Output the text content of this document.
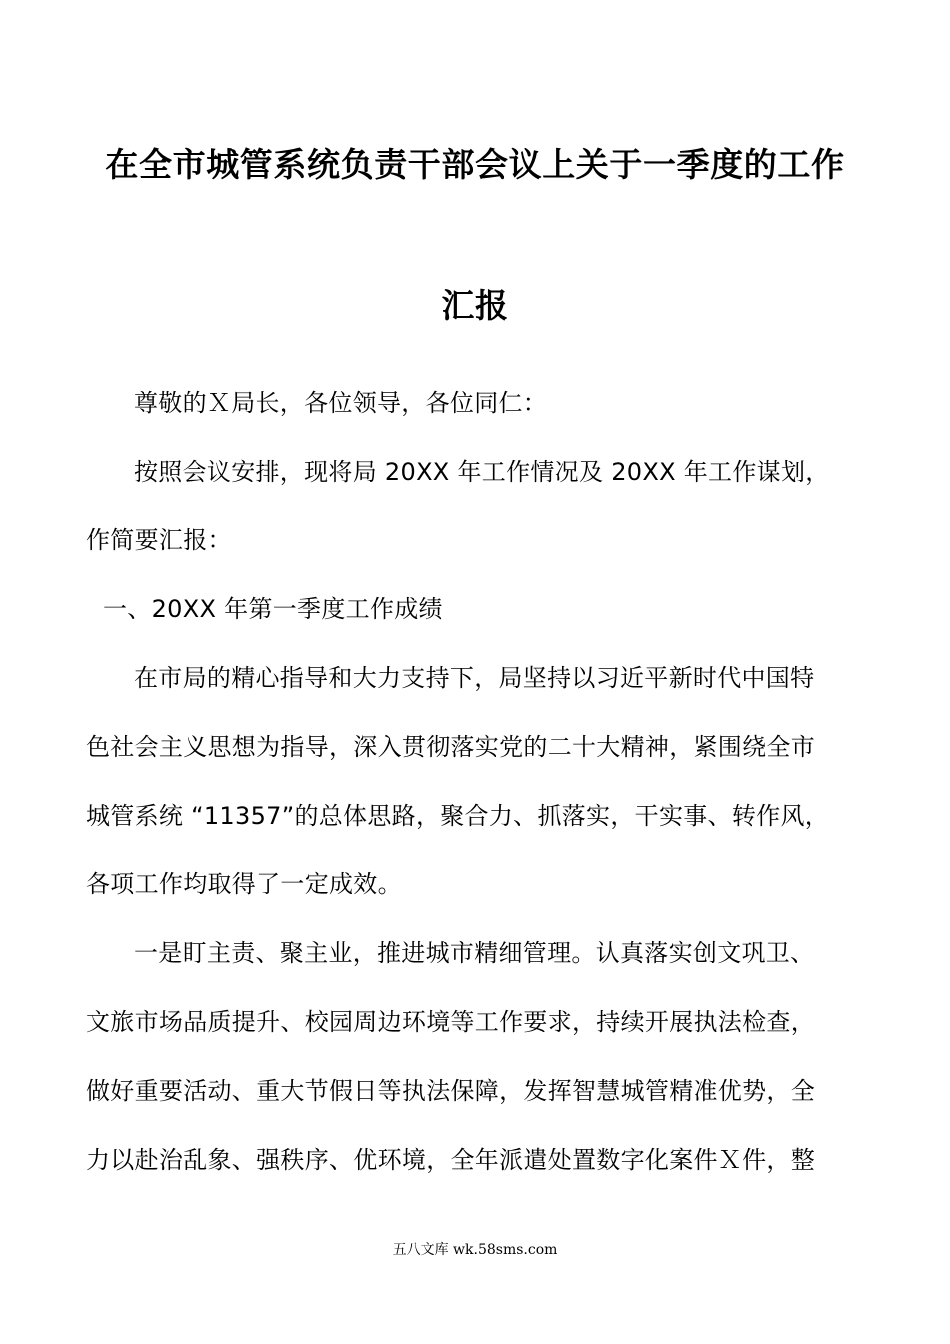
在全市城管系统负责干部会议上关于一季度的工作
汇报
尊敬的Ｘ局长，各位领导，各位同仁：
按照会议安排，现将局 20XX 年工作情况及 20XX 年工作谋划，
作简要汇报：
一、20XX 年第一季度工作成绩
在市局的精心指导和大力支持下，局坚持以习近平新时代中国特
色社会主义思想为指导，深入贯彻落实党的二十大精神，紧围绕全市
城管系统 “11357”的总体思路，聚合力、抓落实，干实事、转作风，
各项工作均取得了一定成效。
一是盯主责、聚主业，推进城市精细管理。认真落实创文巩卫、
文旅市场品质提升、校园周边环境等工作要求，持续开展执法检查，
做好重要活动、重大节假日等执法保障，发挥智慧城管精准优势，全
力以赴治乱象、强秩序、优环境，全年派遣处置数字化案件Ｘ件，整
五八文库 wk.58sms.com
